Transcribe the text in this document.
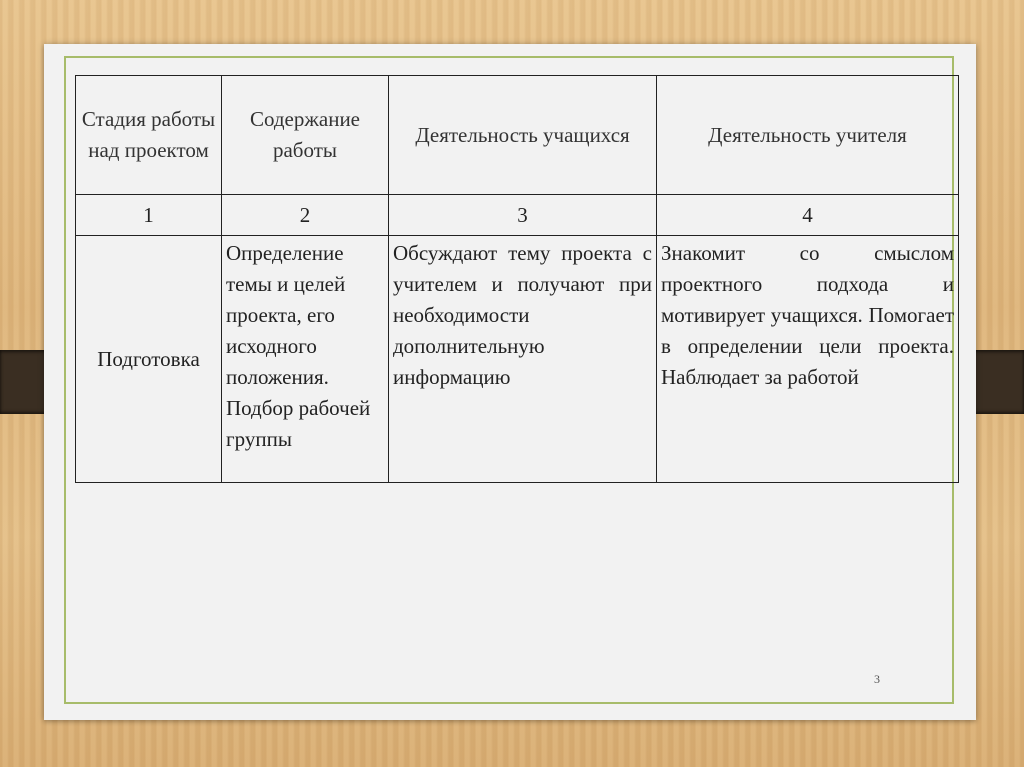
Стадия работы над проектом	Содержание работы	Деятельность учащихся	Деятельность учителя
1	2	3	4
Подготовка	Определение темы и целей проекта, его исходного положения. Подбор рабочей группы	Обсуждают тему проекта с учителем и получают при необходимости дополнительную информацию	Знакомит со смыслом проектного подхода и мотивирует учащихся. Помогает в определении цели проекта. Наблюдает за работой
3
